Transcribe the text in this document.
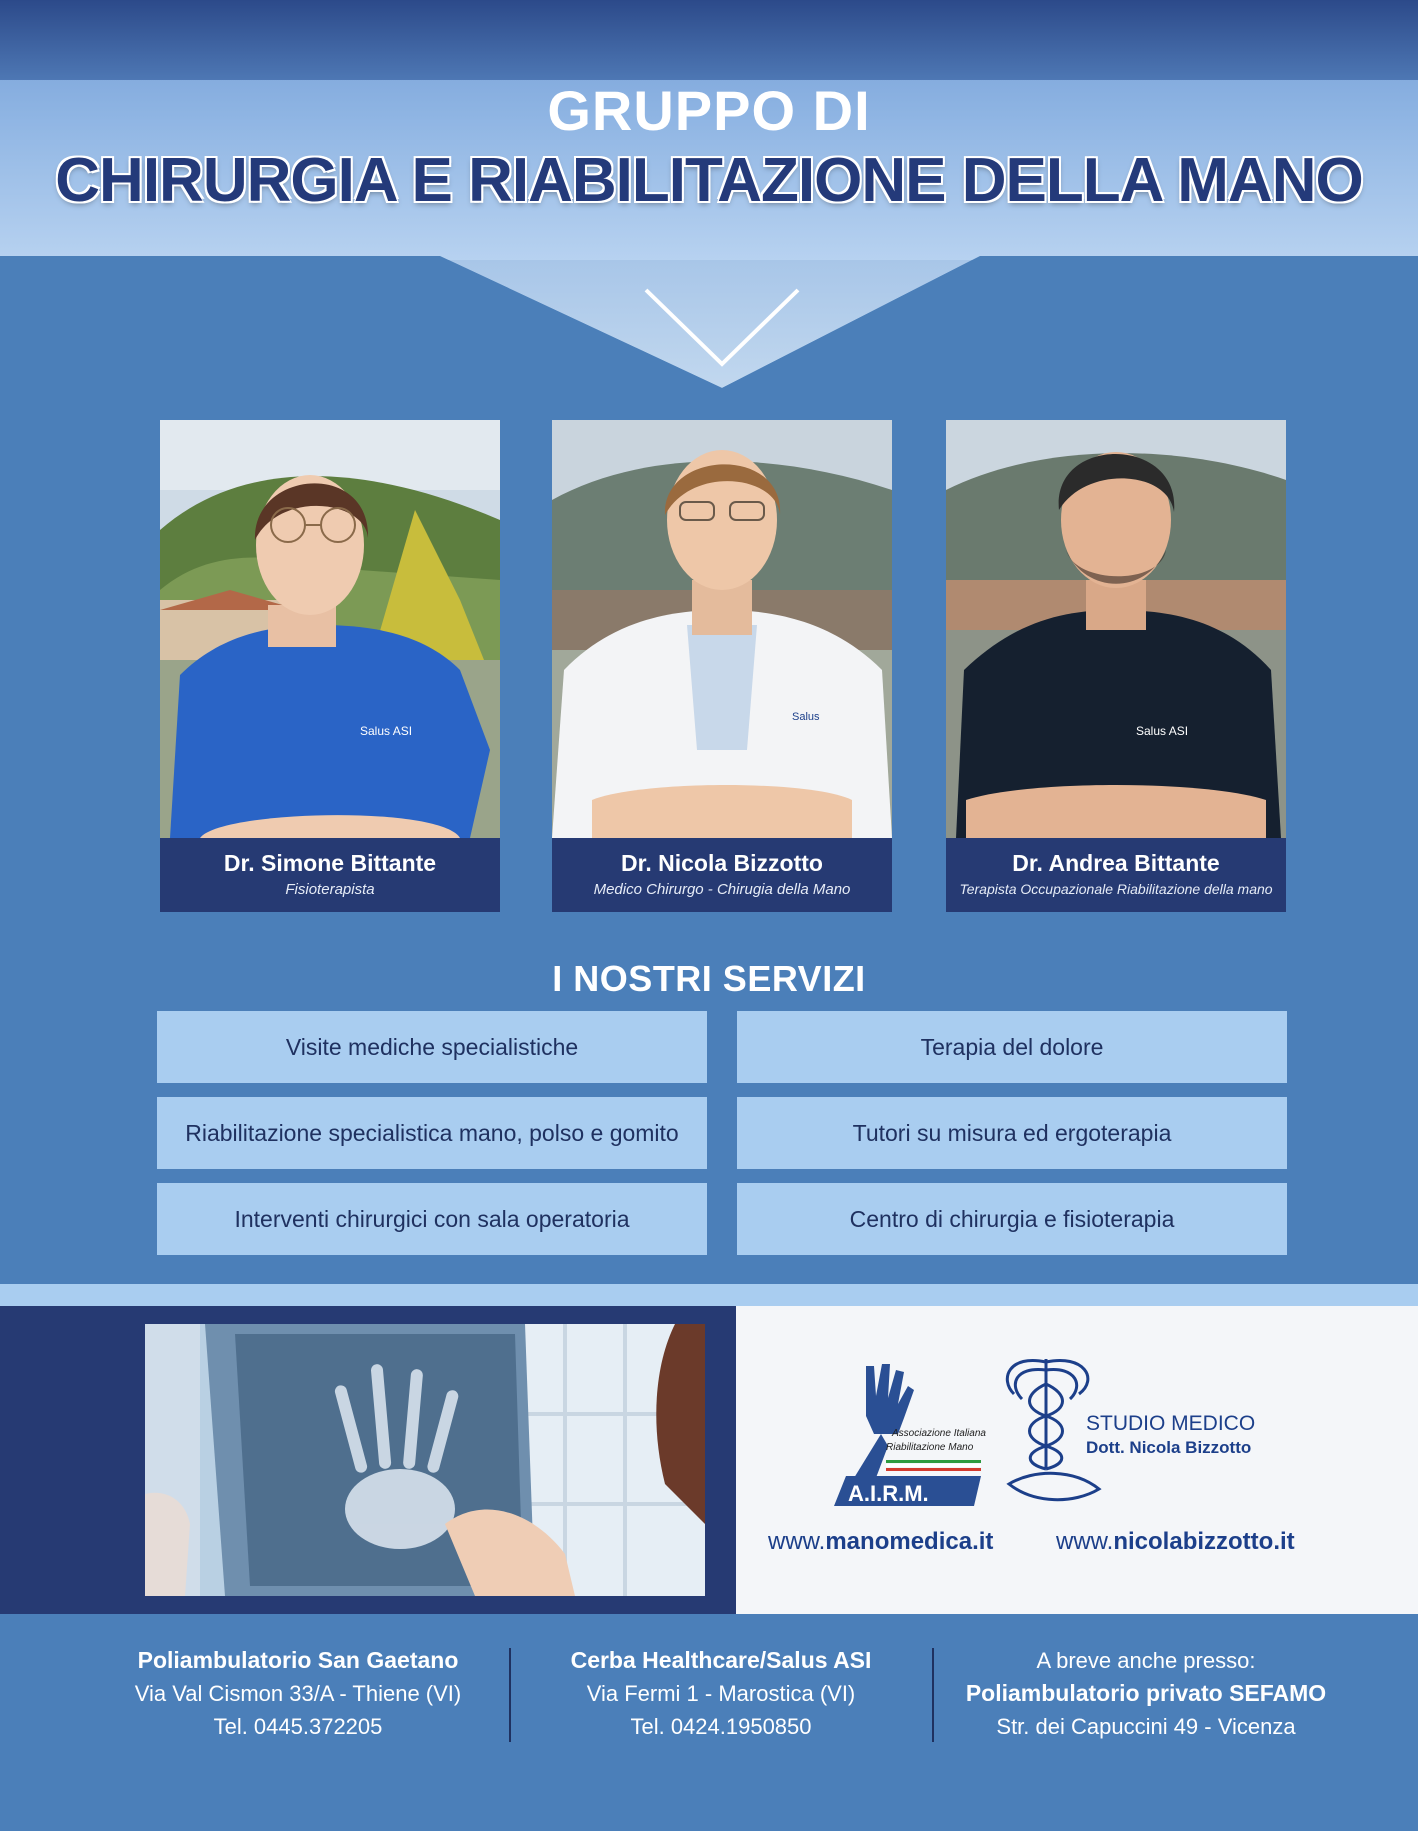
GRUPPO DI
CHIRURGIA E RIABILITAZIONE DELLA MANO
Salus ASI
Dr. Simone Bittante
Fisioterapista
Salus
Dr. Nicola Bizzotto
Medico Chirurgo - Chirugia della Mano
Salus ASI
Dr. Andrea Bittante
Terapista Occupazionale Riabilitazione della mano
I NOSTRI SERVIZI
Visite mediche specialistiche	Terapia del dolore
Riabilitazione specialistica mano, polso e gomito	Tutori su misura ed ergoterapia
Interventi chirurgici con sala operatoria	Centro di chirurgia e fisioterapia
Associazione Italiana
Riabilitazione Mano
A.I.R.M.
STUDIO MEDICO
Dott. Nicola Bizzotto
www.manomedica.it	www.nicolabizzotto.it
Poliambulatorio San Gaetano
Via Val Cismon 33/A - Thiene (VI)
Tel. 0445.372205
Cerba Healthcare/Salus ASI
Via Fermi 1 - Marostica (VI)
Tel. 0424.1950850
A breve anche presso:
Poliambulatorio privato SEFAMO
Str. dei Capuccini 49 - Vicenza
